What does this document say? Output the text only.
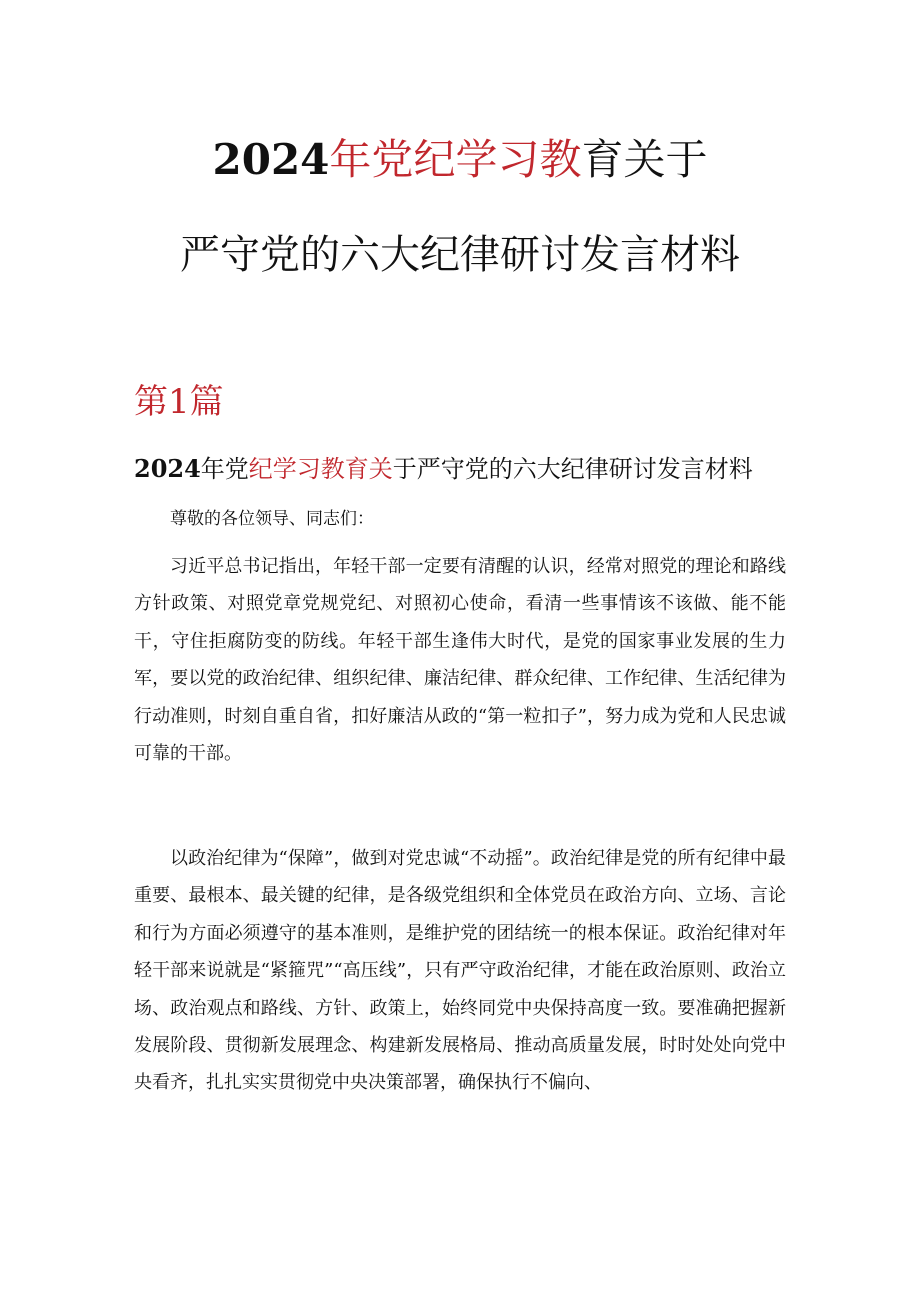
2024年党纪学习教育关于
严守党的六大纪律研讨发言材料
第1篇
2024年党纪学习教育关于严守党的六大纪律研讨发言材料

尊敬的各位领导、同志们：

习近平总书记指出，年轻干部一定要有清醒的认识，经常对照党的理论和路线方针政策、对照党章党规党纪、对照初心使命，看清一些事情该不该做、能不能干，守住拒腐防变的防线。年轻干部生逢伟大时代，是党的国家事业发展的生力军，要以党的政治纪律、组织纪律、廉洁纪律、群众纪律、工作纪律、生活纪律为行动准则，时刻自重自省，扣好廉洁从政的“第一粒扣子”，努力成为党和人民忠诚可靠的干部。

以政治纪律为“保障”，做到对党忠诚“不动摇”。政治纪律是党的所有纪律中最重要、最根本、最关键的纪律，是各级党组织和全体党员在政治方向、立场、言论和行为方面必须遵守的基本准则，是维护党的团结统一的根本保证。政治纪律对年轻干部来说就是“紧箍咒”“高压线”，只有严守政治纪律，才能在政治原则、政治立场、政治观点和路线、方针、政策上，始终同党中央保持高度一致。要准确把握新发展阶段、贯彻新发展理念、构建新发展格局、推动高质量发展，时时处处向党中央看齐，扎扎实实贯彻党中央决策部署，确保执行不偏向、
